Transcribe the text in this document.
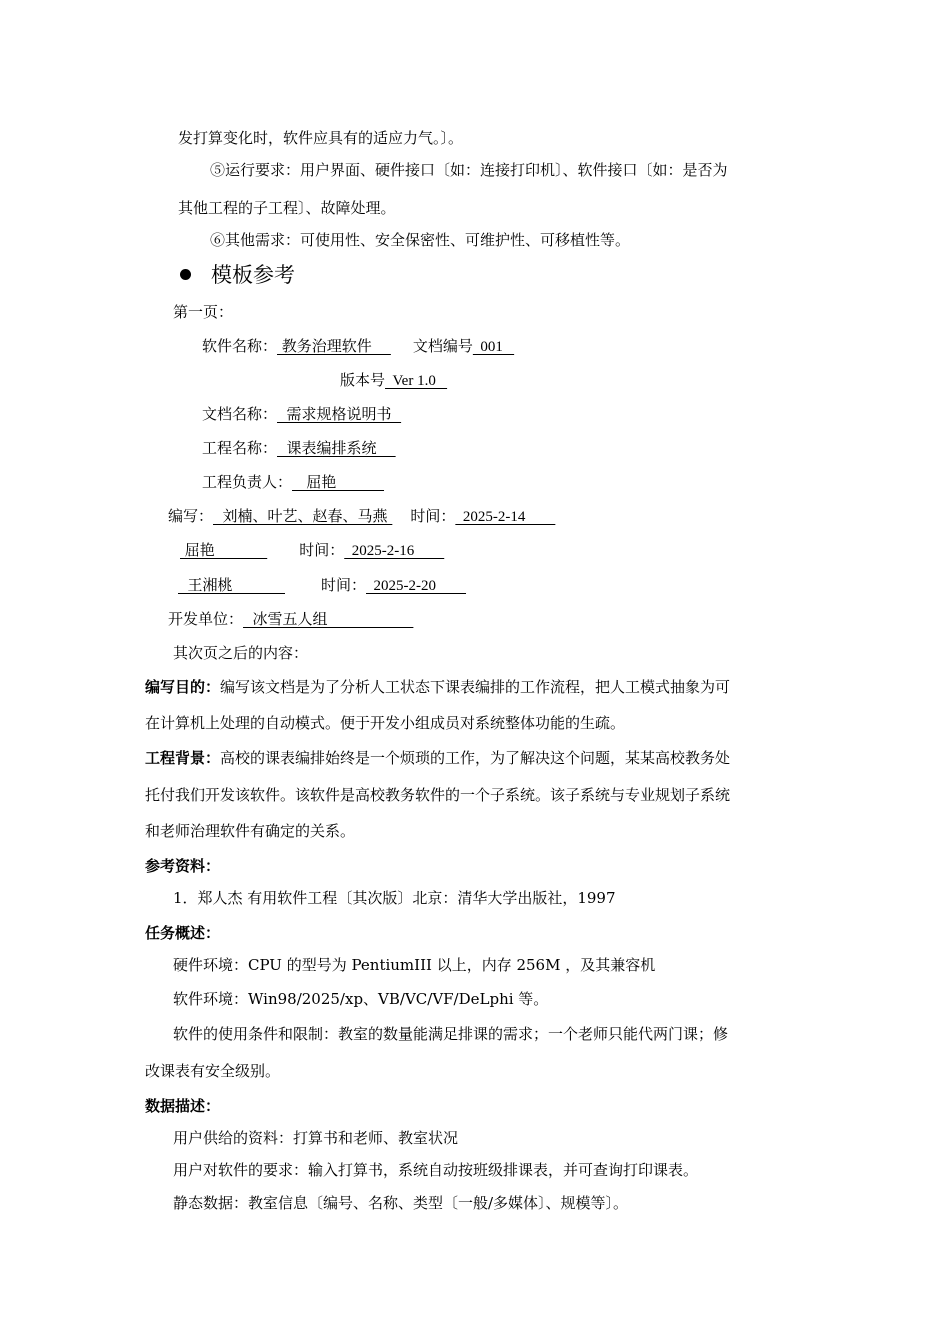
发打算变化时，软件应具有的适应力气。〕。
⑤运行要求：用户界面、硬件接口〔如：连接打印机〕、软件接口〔如：是否为
其他工程的子工程〕、故障处理。
⑥其他需求：可使用性、安全保密性、可维护性、可移植性等。
模板参考
第一页：
软件名称： 教务治理软件    文档编号  001
版本号  Ver 1.0
文档名称：  需求规格说明书
工程名称：  课表编排系统
工程负责人：   屈艳
编写：  刘楠、叶艺、赵春、马燕 时间：  2025-2-14
屈艳           时间：  2025-2-16
王湘桃           时间：  2025-2-20
开发单位：  冰雪五人组
其次页之后的内容：
编写目的：编写该文档是为了分析人工状态下课表编排的工作流程，把人工模式抽象为可
在计算机上处理的自动模式。便于开发小组成员对系统整体功能的生疏。
工程背景：高校的课表编排始终是一个烦琐的工作，为了解决这个问题，某某高校教务处
托付我们开发该软件。该软件是高校教务软件的一个子系统。该子系统与专业规划子系统
和老师治理软件有确定的关系。
参考资料：
1．郑人杰 有用软件工程〔其次版〕北京：清华大学出版社，1997
任务概述：
硬件环境：CPU 的型号为 PentiumIII 以上，内存 256M ，及其兼容机
软件环境：Win98/2025/xp、VB/VC/VF/DeLphi 等。
软件的使用条件和限制：教室的数量能满足排课的需求；一个老师只能代两门课；修
改课表有安全级别。
数据描述：
用户供给的资料：打算书和老师、教室状况
用户对软件的要求：输入打算书，系统自动按班级排课表，并可查询打印课表。
静态数据：教室信息〔编号、名称、类型〔一般/多媒体〕、规模等〕。
